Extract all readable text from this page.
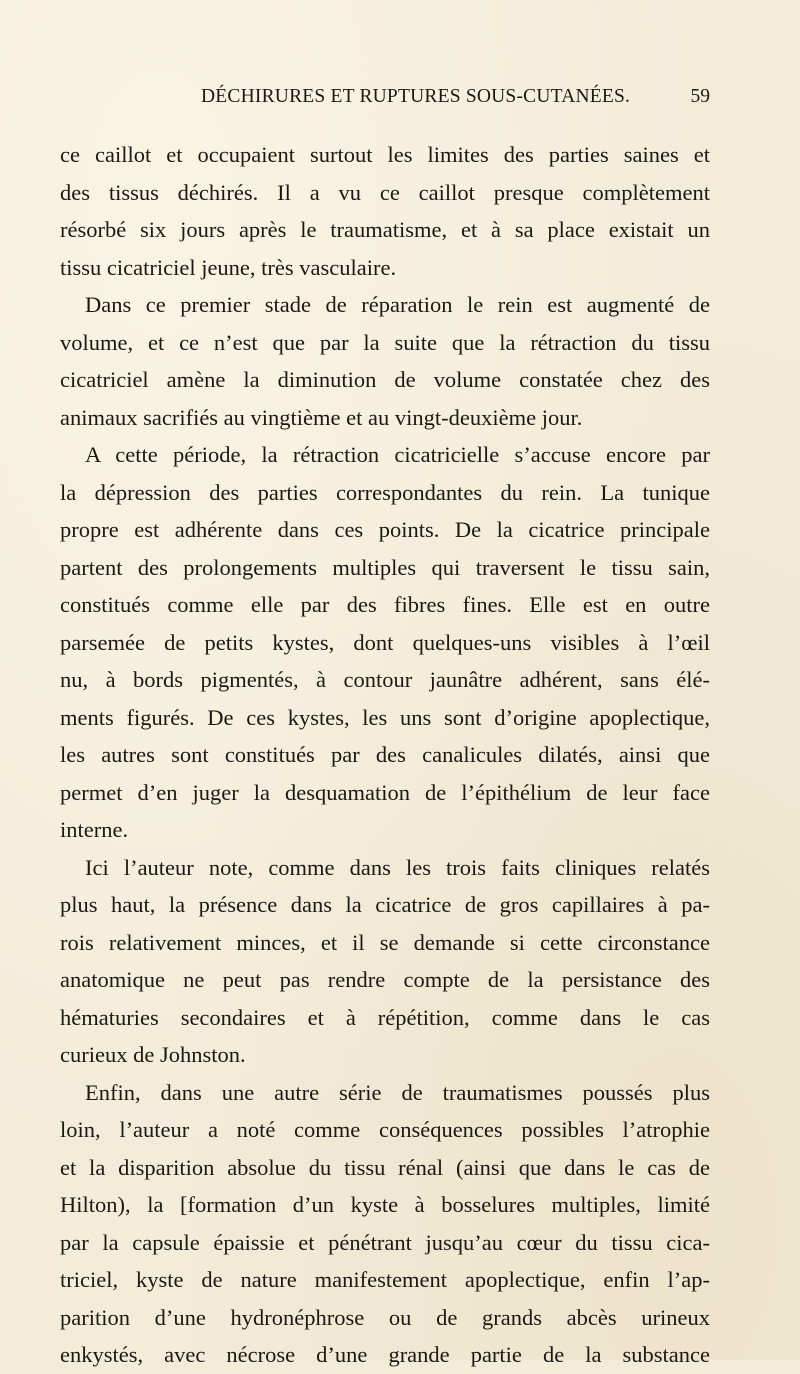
DÉCHIRURES ET RUPTURES SOUS-CUTANÉES.	59
ce caillot et occupaient surtout les limites des parties saines et
des tissus déchirés. Il a vu ce caillot presque complètement
résorbé six jours après le traumatisme, et à sa place existait un
tissu cicatriciel jeune, très vasculaire.
Dans ce premier stade de réparation le rein est augmenté de
volume, et ce n’est que par la suite que la rétraction du tissu
cicatriciel amène la diminution de volume constatée chez des
animaux sacrifiés au vingtième et au vingt-deuxième jour.
A cette période, la rétraction cicatricielle s’accuse encore par
la dépression des parties correspondantes du rein. La tunique
propre est adhérente dans ces points. De la cicatrice principale
partent des prolongements multiples qui traversent le tissu sain,
constitués comme elle par des fibres fines. Elle est en outre
parsemée de petits kystes, dont quelques-uns visibles à l’œil
nu, à bords pigmentés, à contour jaunâtre adhérent, sans élé-
ments figurés. De ces kystes, les uns sont d’origine apoplectique,
les autres sont constitués par des canalicules dilatés, ainsi que
permet d’en juger la desquamation de l’épithélium de leur face
interne.
Ici l’auteur note, comme dans les trois faits cliniques relatés
plus haut, la présence dans la cicatrice de gros capillaires à pa-
rois relativement minces, et il se demande si cette circonstance
anatomique ne peut pas rendre compte de la persistance des
hématuries secondaires et à répétition, comme dans le cas
curieux de Johnston.
Enfin, dans une autre série de traumatismes poussés plus
loin, l’auteur a noté comme conséquences possibles l’atrophie
et la disparition absolue du tissu rénal (ainsi que dans le cas de
Hilton), la [formation d’un kyste à bosselures multiples, limité
par la capsule épaissie et pénétrant jusqu’au cœur du tissu cica-
triciel, kyste de nature manifestement apoplectique, enfin l’ap-
parition d’une hydronéphrose ou de grands abcès urineux
enkystés, avec nécrose d’une grande partie de la substance
